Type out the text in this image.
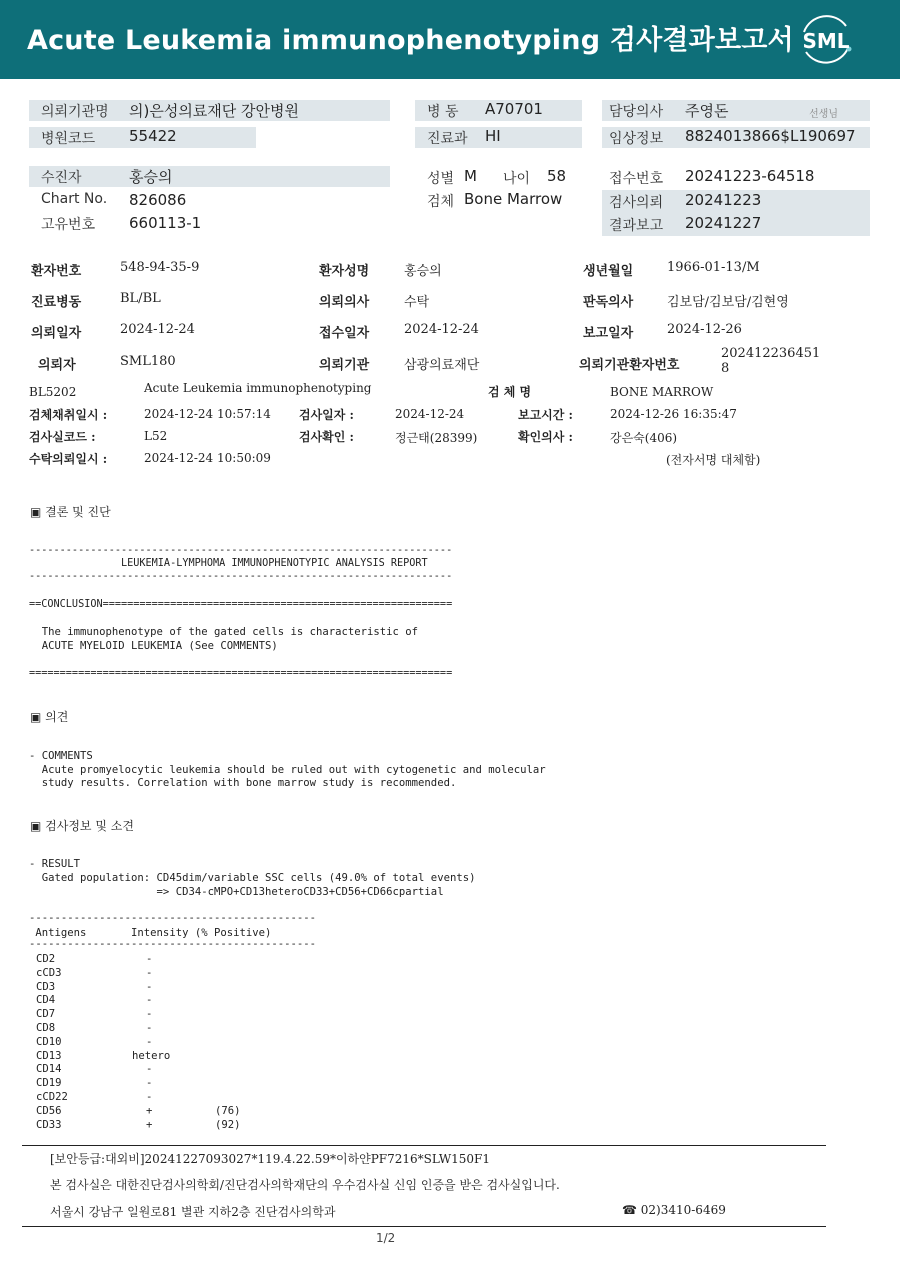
Acute Leukemia immunophenotyping 검사결과보고서 SML
의뢰기관명 의)은성의료재단 강안병원
병원코드 55422
병 동 A70701
진료과 HI
담당의사 주영돈	선생님
임상정보 8824013866$L190697
수진자	홍승의
Chart No. 826086
고유번호 660113-1
성별 M 나이 58
검체 Bone Marrow
접수번호 20241223-64518
검사의뢰 20241223
결과보고 20241227
환자번호	548-94-35-9	환자성명	홍승의	생년월일	1966-01-13/M
진료병동	BL/BL	의뢰의사	수탁	판독의사	김보담/김보담/김현영
의뢰일자	2024-12-24	접수일자	2024-12-24	보고일자	2024-12-26
의뢰자	SML180	의뢰기관	삼광의료재단	의뢰기관환자번호
202412236451
8
BL5202	Acute Leukemia immunophenotyping	검 체 명	BONE MARROW
검체채취일시 :	2024-12-24 10:57:14 검사일자 :	2024-12-24	보고시간 :	2024-12-26 16:35:47
검사실코드 :	L52	검사확인 :	정근태(28399)	확인의사 :	강은숙(406)
수탁의뢰일시 :	2024-12-24 10:50:09	(전자서명 대체함)
▣ 결론 및 진단
---------------------------------------------------------------------
LEUKEMIA-LYMPHOMA IMMUNOPHENOTYPIC ANALYSIS REPORT
---------------------------------------------------------------------
==CONCLUSION=========================================================
The immunophenotype of the gated cells is characteristic of
ACUTE MYELOID LEUKEMIA (See COMMENTS)
=====================================================================
▣ 의견
- COMMENTS
Acute promyelocytic leukemia should be ruled out with cytogenetic and molecular
study results. Correlation with bone marrow study is recommended.
▣ 검사정보 및 소견
- RESULT
Gated population: CD45dim/variable SSC cells (49.0% of total events)
=> CD34-cMPO+CD13heteroCD33+CD56+CD66cpartial
---------------------------------------------
Antigens       Intensity (% Positive)
---------------------------------------------
CD2	-
cCD3	-
CD3	-
CD4	-
CD7	-
CD8	-
CD10	-
CD13	hetero
CD14	-
CD19	-
cCD22	-
CD56	+	(76)
CD33	+	(92)
[보안등급:대외비]20241227093027*119.4.22.59*이하얀PF7216*SLW150F1
본 검사실은 대한진단검사의학회/진단검사의학재단의 우수검사실 신임 인증을 받은 검사실입니다.
서울시 강남구 일원로81 별관 지하2층 진단검사의학과	☎ 02)3410-6469
1/2
